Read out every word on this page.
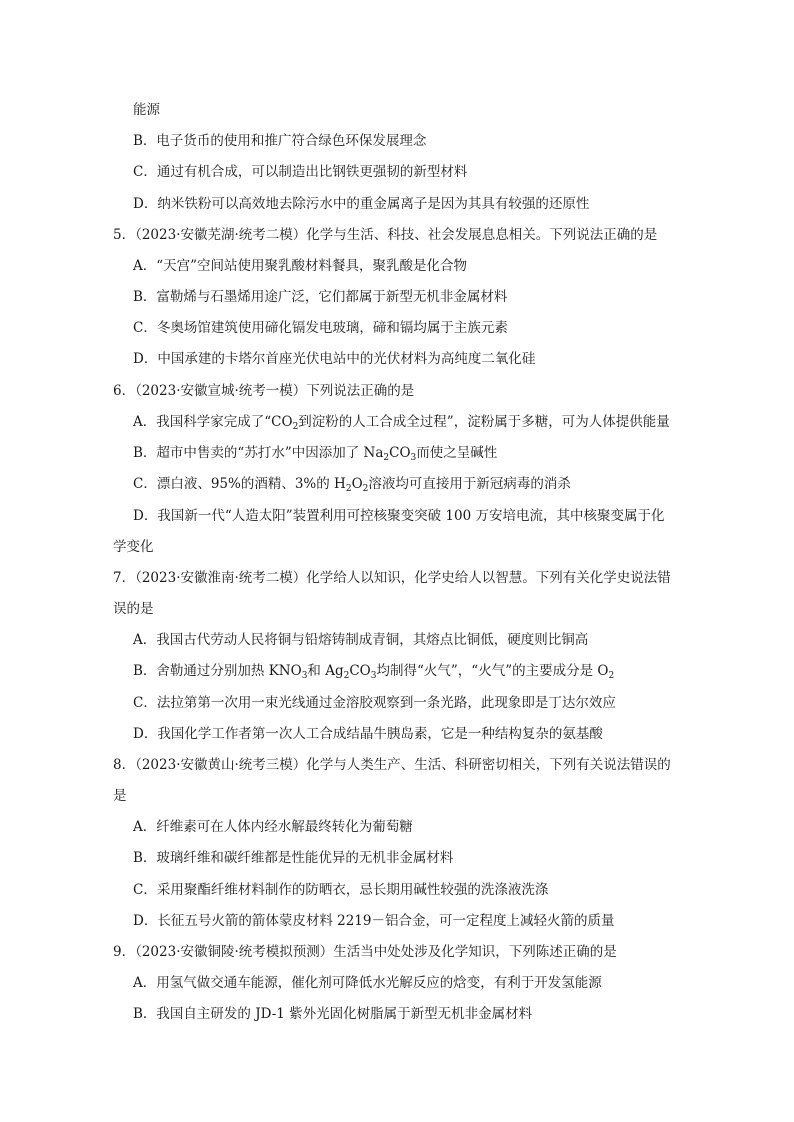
能源
B．电子货币的使用和推广符合绿色环保发展理念
C．通过有机合成，可以制造出比钢铁更强韧的新型材料
D．纳米铁粉可以高效地去除污水中的重金属离子是因为其具有较强的还原性
5．（2023·安徽芜湖·统考二模）化学与生活、科技、社会发展息息相关。下列说法正确的是
A．“天宫”空间站使用聚乳酸材料餐具，聚乳酸是化合物
B．富勒烯与石墨烯用途广泛，它们都属于新型无机非金属材料
C．冬奥场馆建筑使用碲化镉发电玻璃，碲和镉均属于主族元素
D．中国承建的卡塔尔首座光伏电站中的光伏材料为高纯度二氧化硅
6．（2023·安徽宣城·统考一模）下列说法正确的是
A．我国科学家完成了“$CO_2$到淀粉的人工合成全过程”，淀粉属于多糖，可为人体提供能量
B．超市中售卖的“苏打水”中因添加了 $Na_2CO_3$而使之呈碱性
C．漂白液、95%的酒精、3%的 $H_2O_2$溶液均可直接用于新冠病毒的消杀
D．我国新一代“人造太阳”装置利用可控核聚变突破 100 万安培电流，其中核聚变属于化
学变化
7．（2023·安徽淮南·统考二模）化学给人以知识，化学史给人以智慧。下列有关化学史说法错
误的是
A．我国古代劳动人民将铜与铅熔铸制成青铜，其熔点比铜低，硬度则比铜高
B．舍勒通过分别加热 $KNO_3$和 $Ag_2CO_3$均制得“火气”，“火气”的主要成分是 $O_2$
C．法拉第第一次用一束光线通过金溶胶观察到一条光路，此现象即是丁达尔效应
D．我国化学工作者第一次人工合成结晶牛胰岛素，它是一种结构复杂的氨基酸
8．（2023·安徽黄山·统考三模）化学与人类生产、生活、科研密切相关，下列有关说法错误的
是
A．纤维素可在人体内经水解最终转化为葡萄糖
B．玻璃纤维和碳纤维都是性能优异的无机非金属材料
C．采用聚酯纤维材料制作的防晒衣，忌长期用碱性较强的洗涤液洗涤
D．长征五号火箭的箭体蒙皮材料 2219－铝合金，可一定程度上减轻火箭的质量
9．（2023·安徽铜陵·统考模拟预测）生活当中处处涉及化学知识，下列陈述正确的是
A．用氢气做交通车能源，催化剂可降低水光解反应的焓变，有利于开发氢能源
B．我国自主研发的 JD-1 紫外光固化树脂属于新型无机非金属材料
